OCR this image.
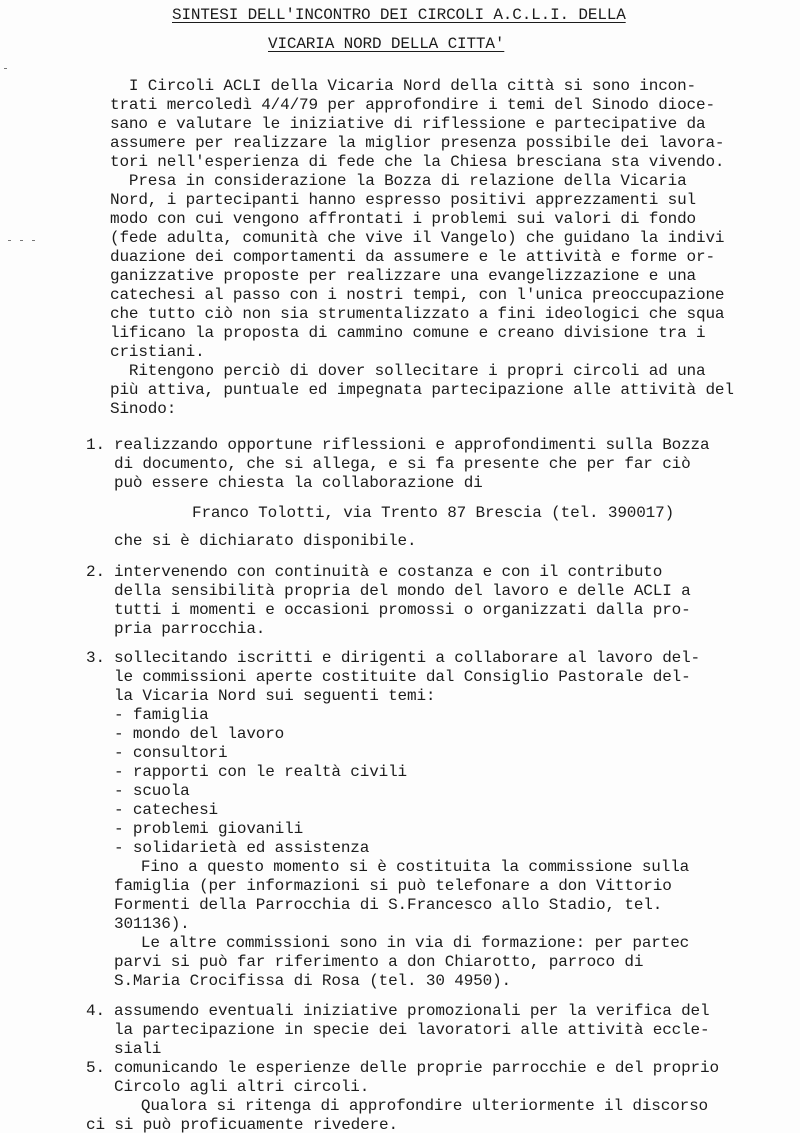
SINTESI DELL'INCONTRO DEI CIRCOLI A.C.L.I. DELLA
VICARIA NORD DELLA CITTA'
I Circoli ACLI della Vicaria Nord della città si sono incon-
trati mercoledì 4/4/79 per approfondire i temi del Sinodo dioce-
sano e valutare le iniziative di riflessione e partecipative da
assumere per realizzare la miglior presenza possibile dei lavora-
tori nell'esperienza di fede che la Chiesa bresciana sta vivendo.
Presa in considerazione la Bozza di relazione della Vicaria
Nord, i partecipanti hanno espresso positivi apprezzamenti sul
modo con cui vengono affrontati i problemi sui valori di fondo
(fede adulta, comunità che vive il Vangelo) che guidano la indivi
duazione dei comportamenti da assumere e le attività e forme or-
ganizzative proposte per realizzare una evangelizzazione e una
catechesi al passo con i nostri tempi, con l'unica preoccupazione
che tutto ciò non sia strumentalizzato a fini ideologici che squa
lificano la proposta di cammino comune e creano divisione tra i
cristiani.
Ritengono perciò di dover sollecitare i propri circoli ad una
più attiva, puntuale ed impegnata partecipazione alle attività del
Sinodo:
1. realizzando opportune riflessioni e approfondimenti sulla Bozza
di documento, che si allega, e si fa presente che per far ciò
può essere chiesta la collaborazione di
Franco Tolotti, via Trento 87 Brescia (tel. 390017)
che si è dichiarato disponibile.
2. intervenendo con continuità e costanza e con il contributo
della sensibilità propria del mondo del lavoro e delle ACLI a
tutti i momenti e occasioni promossi o organizzati dalla pro-
pria parrocchia.
3. sollecitando iscritti e dirigenti a collaborare al lavoro del-
le commissioni aperte costituite dal Consiglio Pastorale del-
la Vicaria Nord sui seguenti temi:
- famiglia
- mondo del lavoro
- consultori
- rapporti con le realtà civili
- scuola
- catechesi
- problemi giovanili
- solidarietà ed assistenza
Fino a questo momento si è costituita la commissione sulla
famiglia (per informazioni si può telefonare a don Vittorio
Formenti della Parrocchia di S.Francesco allo Stadio, tel.
301136).
Le altre commissioni sono in via di formazione: per partec
parvi si può far riferimento a don Chiarotto, parroco di
S.Maria Crocifissa di Rosa (tel. 30 4950).
4. assumendo eventuali iniziative promozionali per la verifica del
la partecipazione in specie dei lavoratori alle attività eccle-
siali
5. comunicando le esperienze delle proprie parrocchie e del proprio
Circolo agli altri circoli.
Qualora si ritenga di approfondire ulteriormente il discorso
ci si può proficuamente rivedere.
